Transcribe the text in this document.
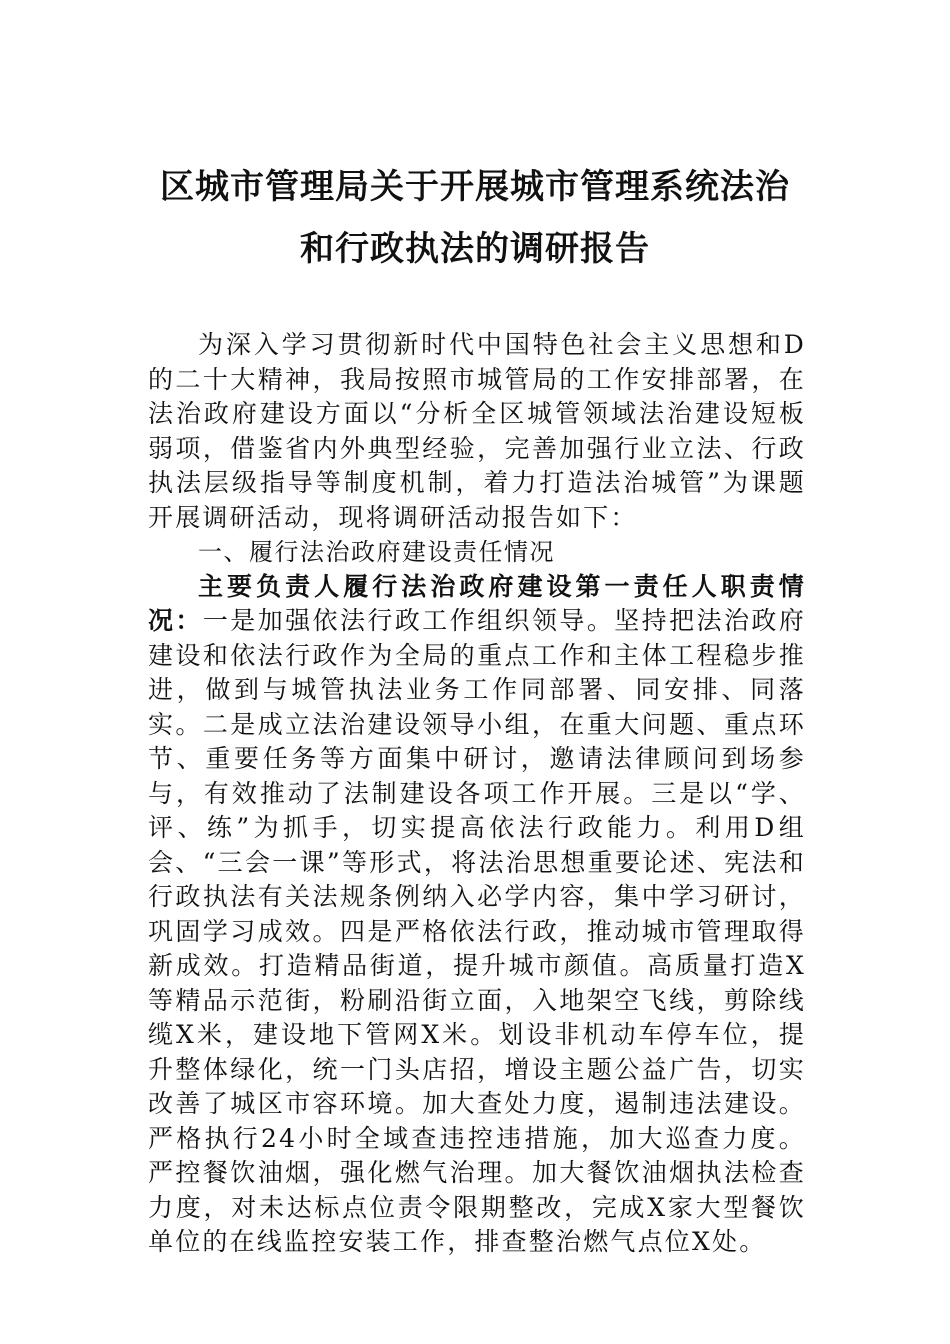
区城市管理局关于开展城市管理系统法治
和行政执法的调研报告

为深入学习贯彻新时代中国特色社会主义思想和D的二十大精神，我局按照市城管局的工作安排部署，在法治政府建设方面以“分析全区城管领域法治建设短板弱项，借鉴省内外典型经验，完善加强行业立法、行政执法层级指导等制度机制，着力打造法治城管”为课题开展调研活动，现将调研活动报告如下：

一、履行法治政府建设责任情况

主要负责人履行法治政府建设第一责任人职责情况：一是加强依法行政工作组织领导。坚持把法治政府建设和依法行政作为全局的重点工作和主体工程稳步推进，做到与城管执法业务工作同部署、同安排、同落实。二是成立法治建设领导小组，在重大问题、重点环节、重要任务等方面集中研讨，邀请法律顾问到场参与，有效推动了法制建设各项工作开展。三是以“学、评、练”为抓手，切实提高依法行政能力。利用D组会、“三会一课”等形式，将法治思想重要论述、宪法和行政执法有关法规条例纳入必学内容，集中学习研讨，巩固学习成效。四是严格依法行政，推动城市管理取得新成效。打造精品街道，提升城市颜值。高质量打造X等精品示范街，粉刷沿街立面，入地架空飞线，剪除线缆X米，建设地下管网X米。划设非机动车停车位，提升整体绿化，统一门头店招，增设主题公益广告，切实改善了城区市容环境。加大查处力度，遏制违法建设。严格执行24小时全域查违控违措施，加大巡查力度。严控餐饮油烟，强化燃气治理。加大餐饮油烟执法检查力度，对未达标点位责令限期整改，完成X家大型餐饮单位的在线监控安装工作，排查整治燃气点位X处。
